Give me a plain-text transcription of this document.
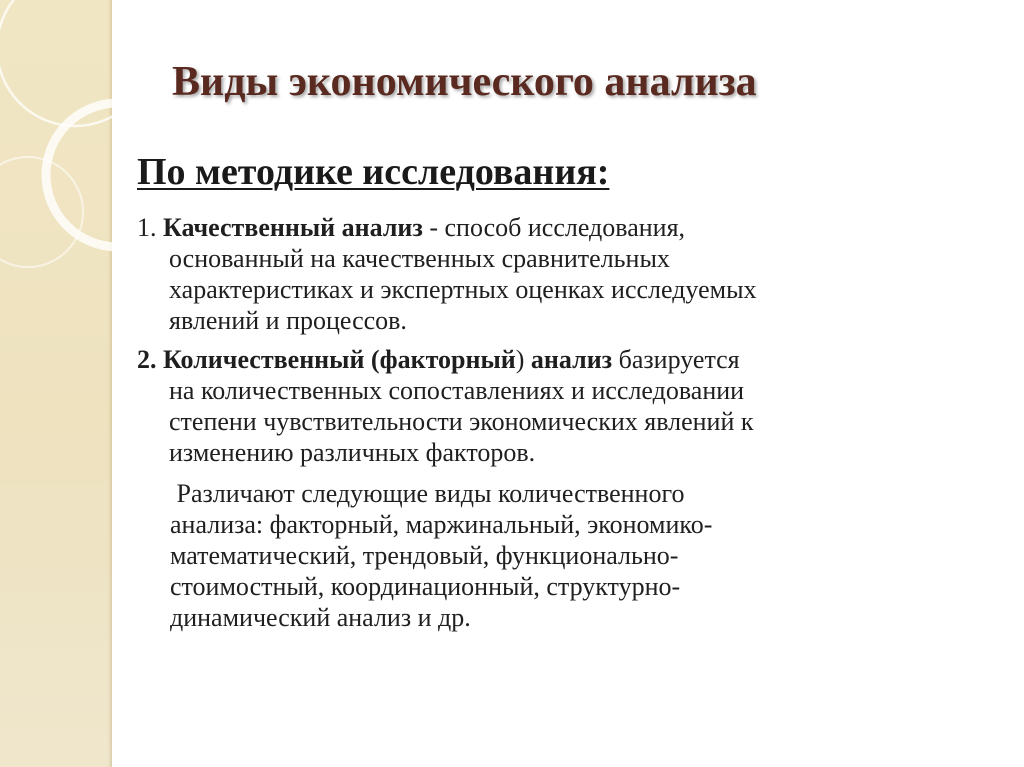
Виды экономического анализа
По методике исследования:
1. Качественный анализ - способ исследования,
основанный на качественных сравнительных
характеристиках и экспертных оценках исследуемых
явлений и процессов.
2. Количественный (факторный) анализ базируется
на количественных сопоставлениях и исследовании
степени чувствительности экономических явлений к
изменению различных факторов.
Различают следующие виды количественного
анализа: факторный, маржинальный, экономико-
математический, трендовый, функционально-
стоимостный, координационный, структурно-
динамический анализ и др.
